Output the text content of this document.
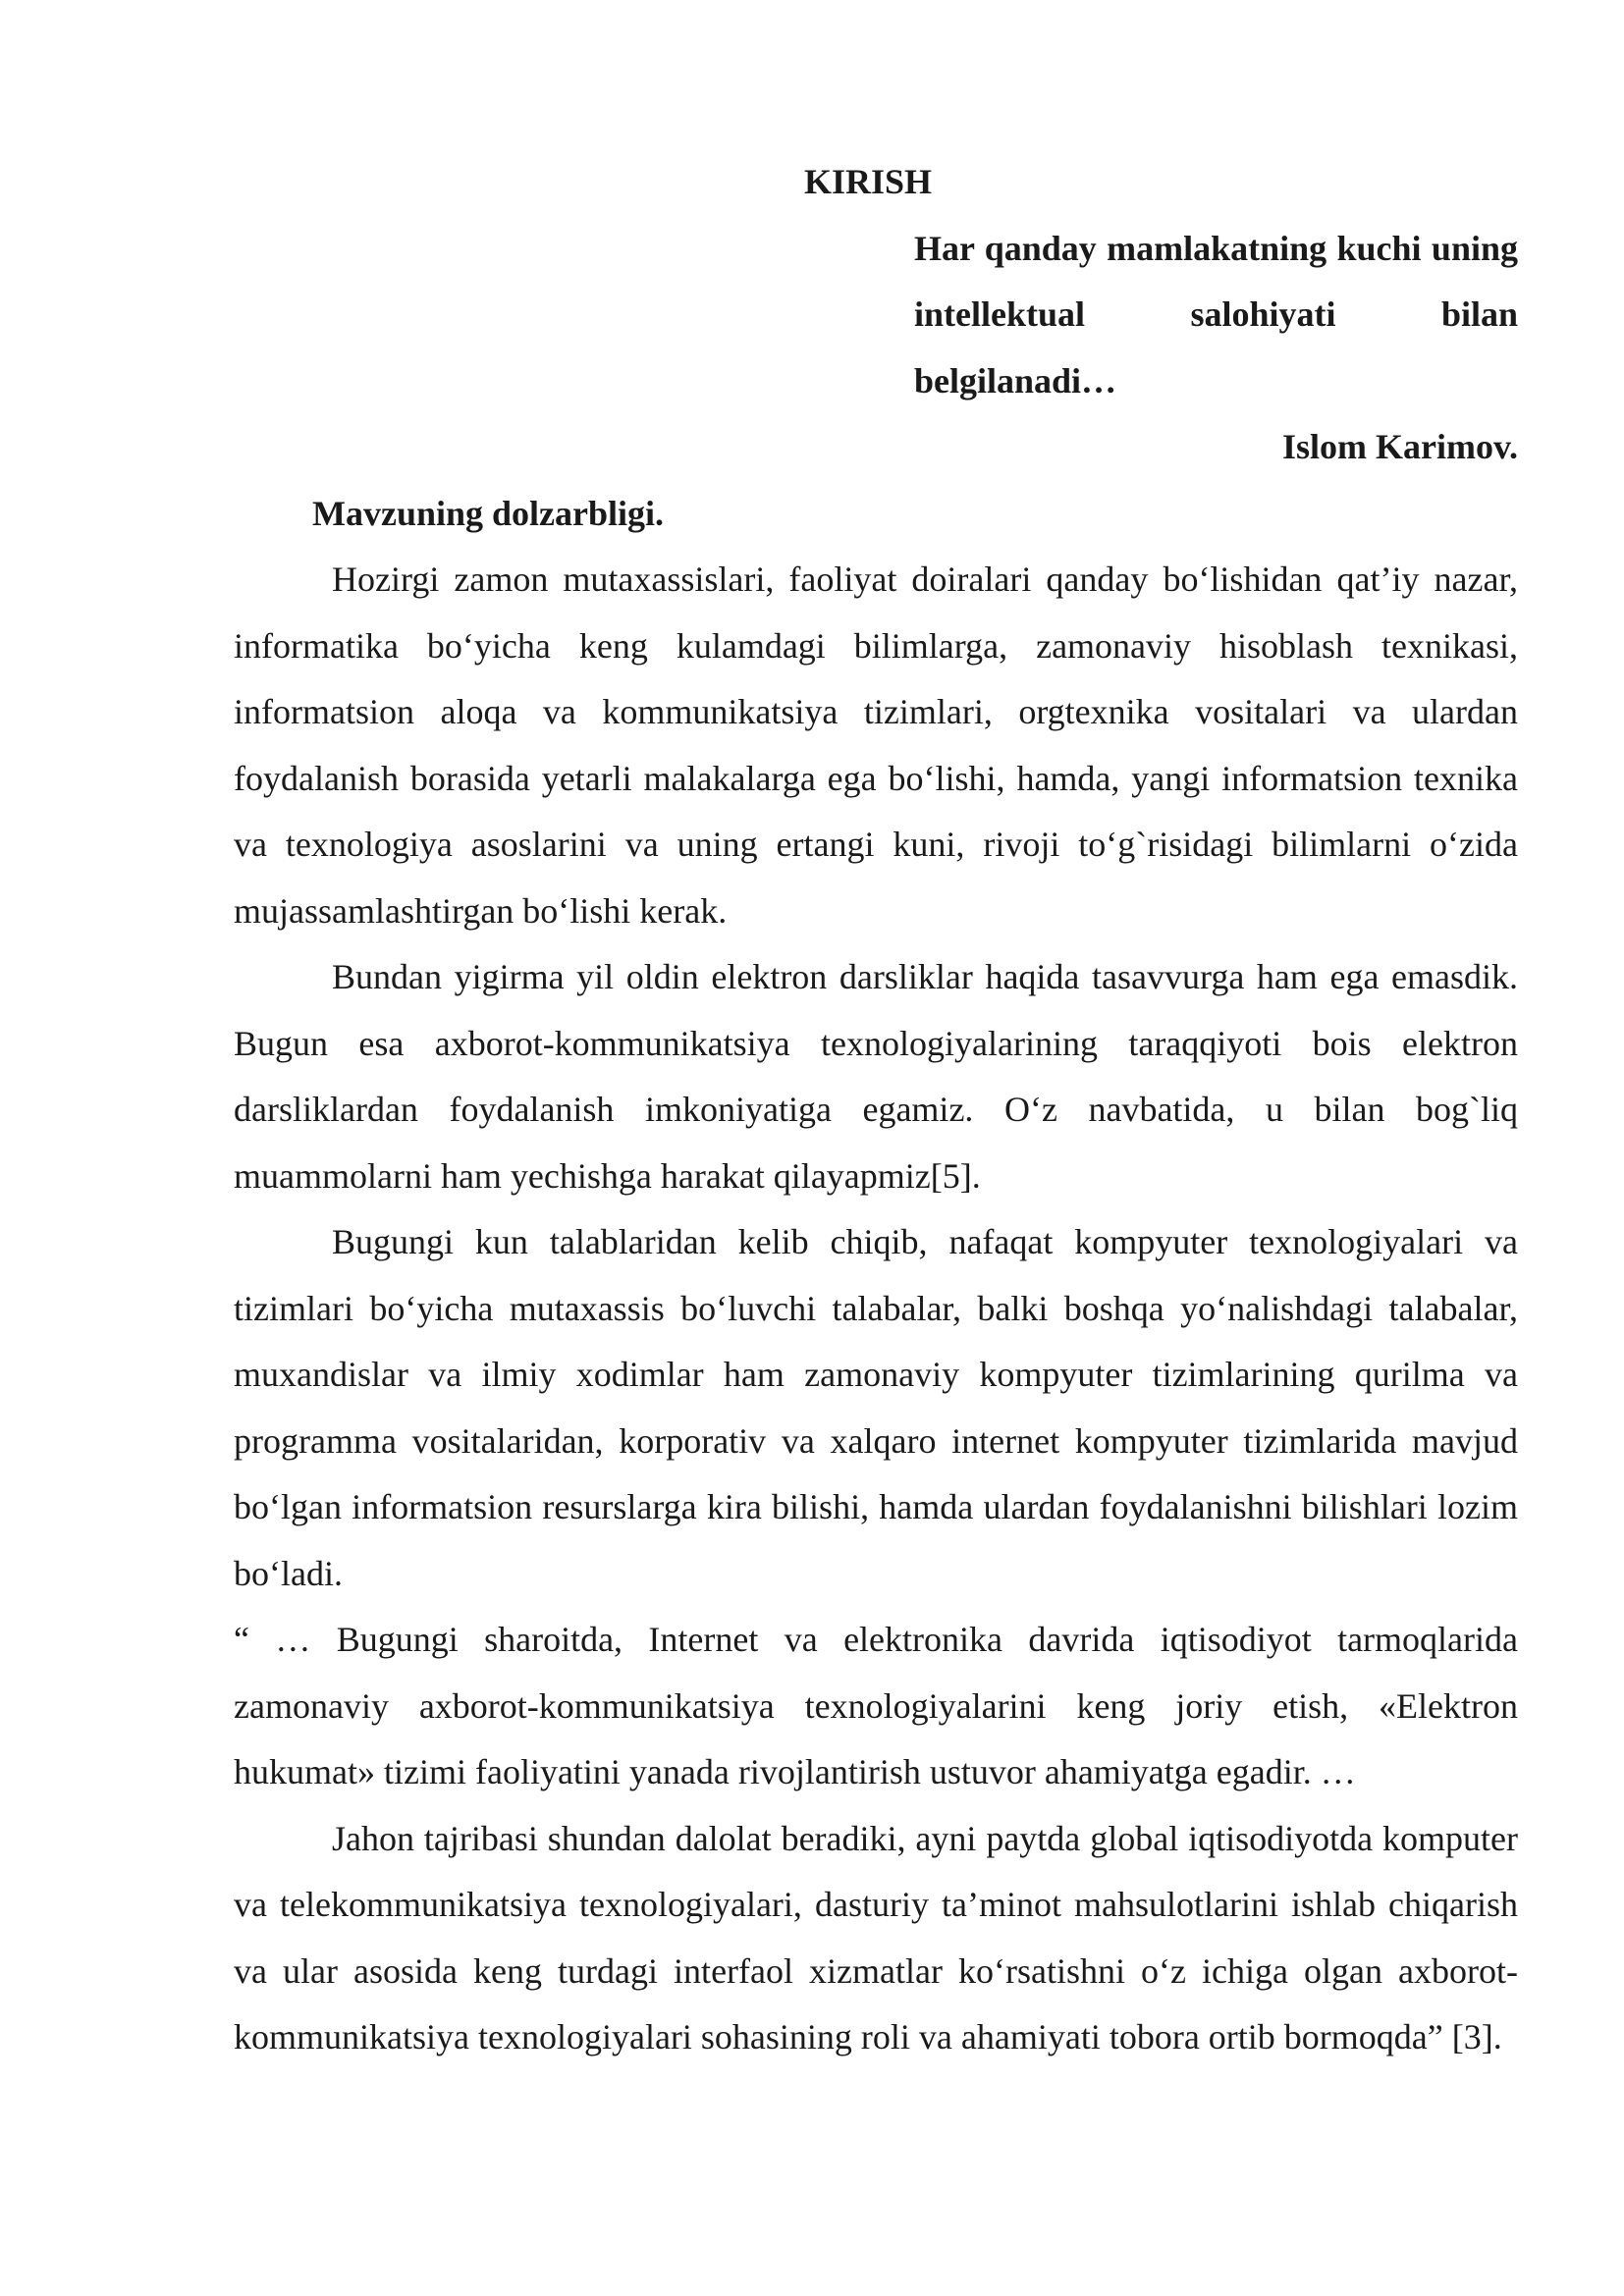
KIRISH

Har qanday mamlakatning kuchi uning intellektual salohiyati bilan belgilanadi…

Islom Karimov.

Mavzuning dolzarbligi.

Hozirgi zamon mutaxassislari, faoliyat doiralari qanday bo‘lishidan qat’iy nazar, informatika bo‘yicha keng kulamdagi bilimlarga, zamonaviy hisoblash texnikasi, informatsion aloqa va kommunikatsiya tizimlari, orgtexnika vositalari va ulardan foydalanish borasida yetarli malakalarga ega bo‘lishi, hamda, yangi informatsion texnika va texnologiya asoslarini va uning ertangi kuni, rivoji to‘g`risidagi bilimlarni o‘zida mujassamlashtirgan bo‘lishi kerak.

Bundan yigirma yil oldin elektron darsliklar haqida tasavvurga ham ega emasdik. Bugun esa axborot-kommunikatsiya texnologiyalarining taraqqiyoti bois elektron darsliklardan foydalanish imkoniyatiga egamiz. O‘z navbatida, u bilan bog`liq muammolarni ham yechishga harakat qilayapmiz[5].

Bugungi kun talablaridan kelib chiqib, nafaqat kompyuter texnologiyalari va tizimlari bo‘yicha mutaxassis bo‘luvchi talabalar, balki boshqa yo‘nalishdagi talabalar, muxandislar va ilmiy xodimlar ham zamonaviy kompyuter tizimlarining qurilma va programma vositalaridan, korporativ va xalqaro internet kompyuter tizimlarida mavjud bo‘lgan informatsion resurslarga kira bilishi, hamda ulardan foydalanishni bilishlari lozim bo‘ladi.

“ … Bugungi sharoitda, Internet va elektronika davrida iqtisodiyot tarmoqlarida zamonaviy axborot-kommunikatsiya texnologiyalarini keng joriy etish, «Elektron hukumat» tizimi faoliyatini yanada rivojlantirish ustuvor ahamiyatga egadir. …

Jahon tajribasi shundan dalolat beradiki, ayni paytda global iqtisodiyotda komputer va telekommunikatsiya texnologiyalari, dasturiy ta’minot mahsulotlarini ishlab chiqarish va ular asosida keng turdagi interfaol xizmatlar ko‘rsatishni o‘z ichiga olgan axborot-kommunikatsiya texnologiyalari sohasining roli va ahamiyati tobora ortib bormoqda” [3].
